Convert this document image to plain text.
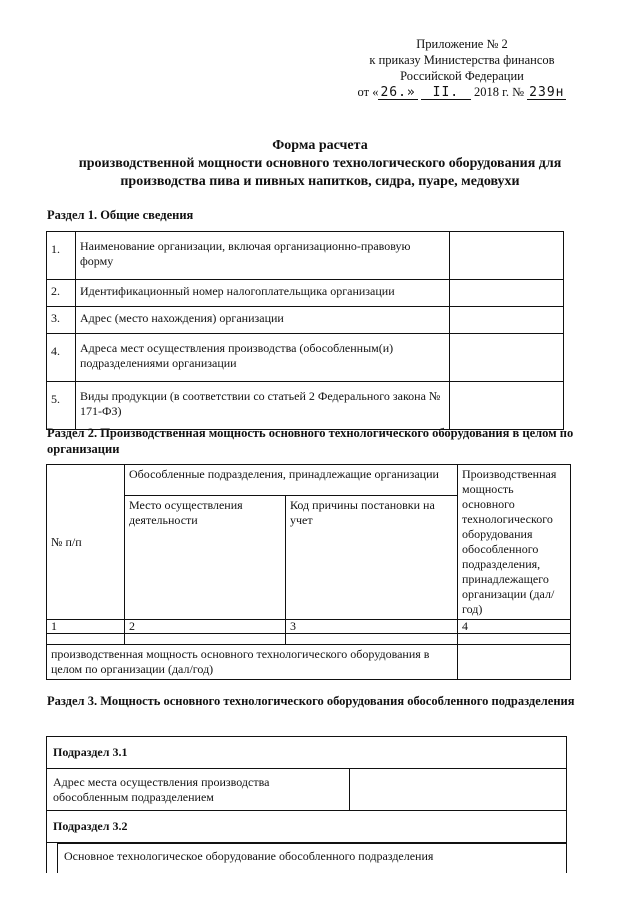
Приложение № 2
к приказу Министерства финансов
Российской Федерации
от « 26.» II. 2018 г. № 239н
Форма расчета
производственной мощности основного технологического оборудования для
производства пива и пивных напитков, сидра, пуаре, медовухи
Раздел 1. Общие сведения
1.	Наименование организации, включая организационно-правовую форму	
2.	Идентификационный номер налогоплательщика организации	
3.	Адрес (место нахождения) организации	
4.	Адреса мест осуществления производства (обособленным(и) подразделениями организации	
5.	Виды продукции (в соответствии со статьей 2 Федерального закона № 171-ФЗ)	
Раздел 2. Производственная мощность основного технологического оборудования в целом по организации
№ п/п	Обособленные подразделения, принадлежащие организации		Производственная мощность основного технологического оборудования обособленного подразделения, принадлежащего организации (дал/год)
	Место осуществления деятельности	Код причины постановки на учет	
1	2	3	4

производственная мощность основного технологического оборудования в целом по организации (дал/год)			
Раздел 3. Мощность основного технологического оборудования обособленного подразделения
Подраздел 3.1
Адрес места осуществления производства обособленным подразделением	
Подраздел 3.2

Основное технологическое оборудование обособленного подразделения
